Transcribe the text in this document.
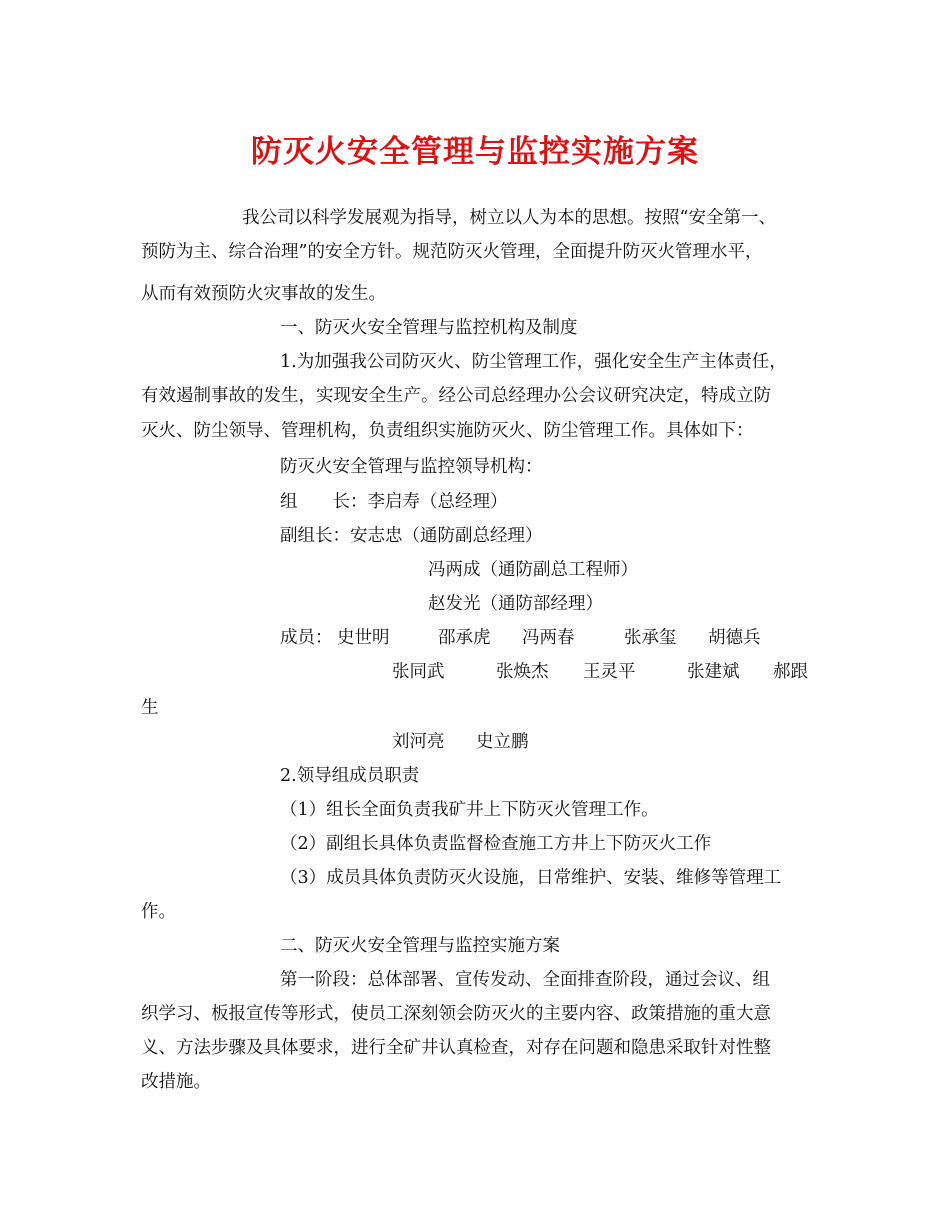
防灭火安全管理与监控实施方案
我公司以科学发展观为指导，树立以人为本的思想。按照“安全第一、
预防为主、综合治理”的安全方针。规范防灭火管理，全面提升防灭火管理水平，
从而有效预防火灾事故的发生。
一、防灭火安全管理与监控机构及制度
1.为加强我公司防灭火、防尘管理工作，强化安全生产主体责任，
有效遏制事故的发生，实现安全生产。经公司总经理办公会议研究决定，特成立防
灭火、防尘领导、管理机构，负责组织实施防灭火、防尘管理工作。具体如下：
防灭火安全管理与监控领导机构：
组　　长：李启寿（总经理）
副组长：安志忠（通防副总经理）
冯两成（通防副总工程师）
赵发光（通防部经理）
成员： 史世明	邵承虎 冯两春	张承玺 胡德兵
张同武	张焕杰 王灵平	张建斌 郝跟
生
刘河亮 史立鹏
2.领导组成员职责
（1）组长全面负责我矿井上下防灭火管理工作。
（2）副组长具体负责监督检查施工方井上下防灭火工作
（3）成员具体负责防灭火设施，日常维护、安装、维修等管理工
作。
二、防灭火安全管理与监控实施方案
第一阶段：总体部署、宣传发动、全面排查阶段，通过会议、组
织学习、板报宣传等形式，使员工深刻领会防灭火的主要内容、政策措施的重大意
义、方法步骤及具体要求，进行全矿井认真检查，对存在问题和隐患采取针对性整
改措施。
